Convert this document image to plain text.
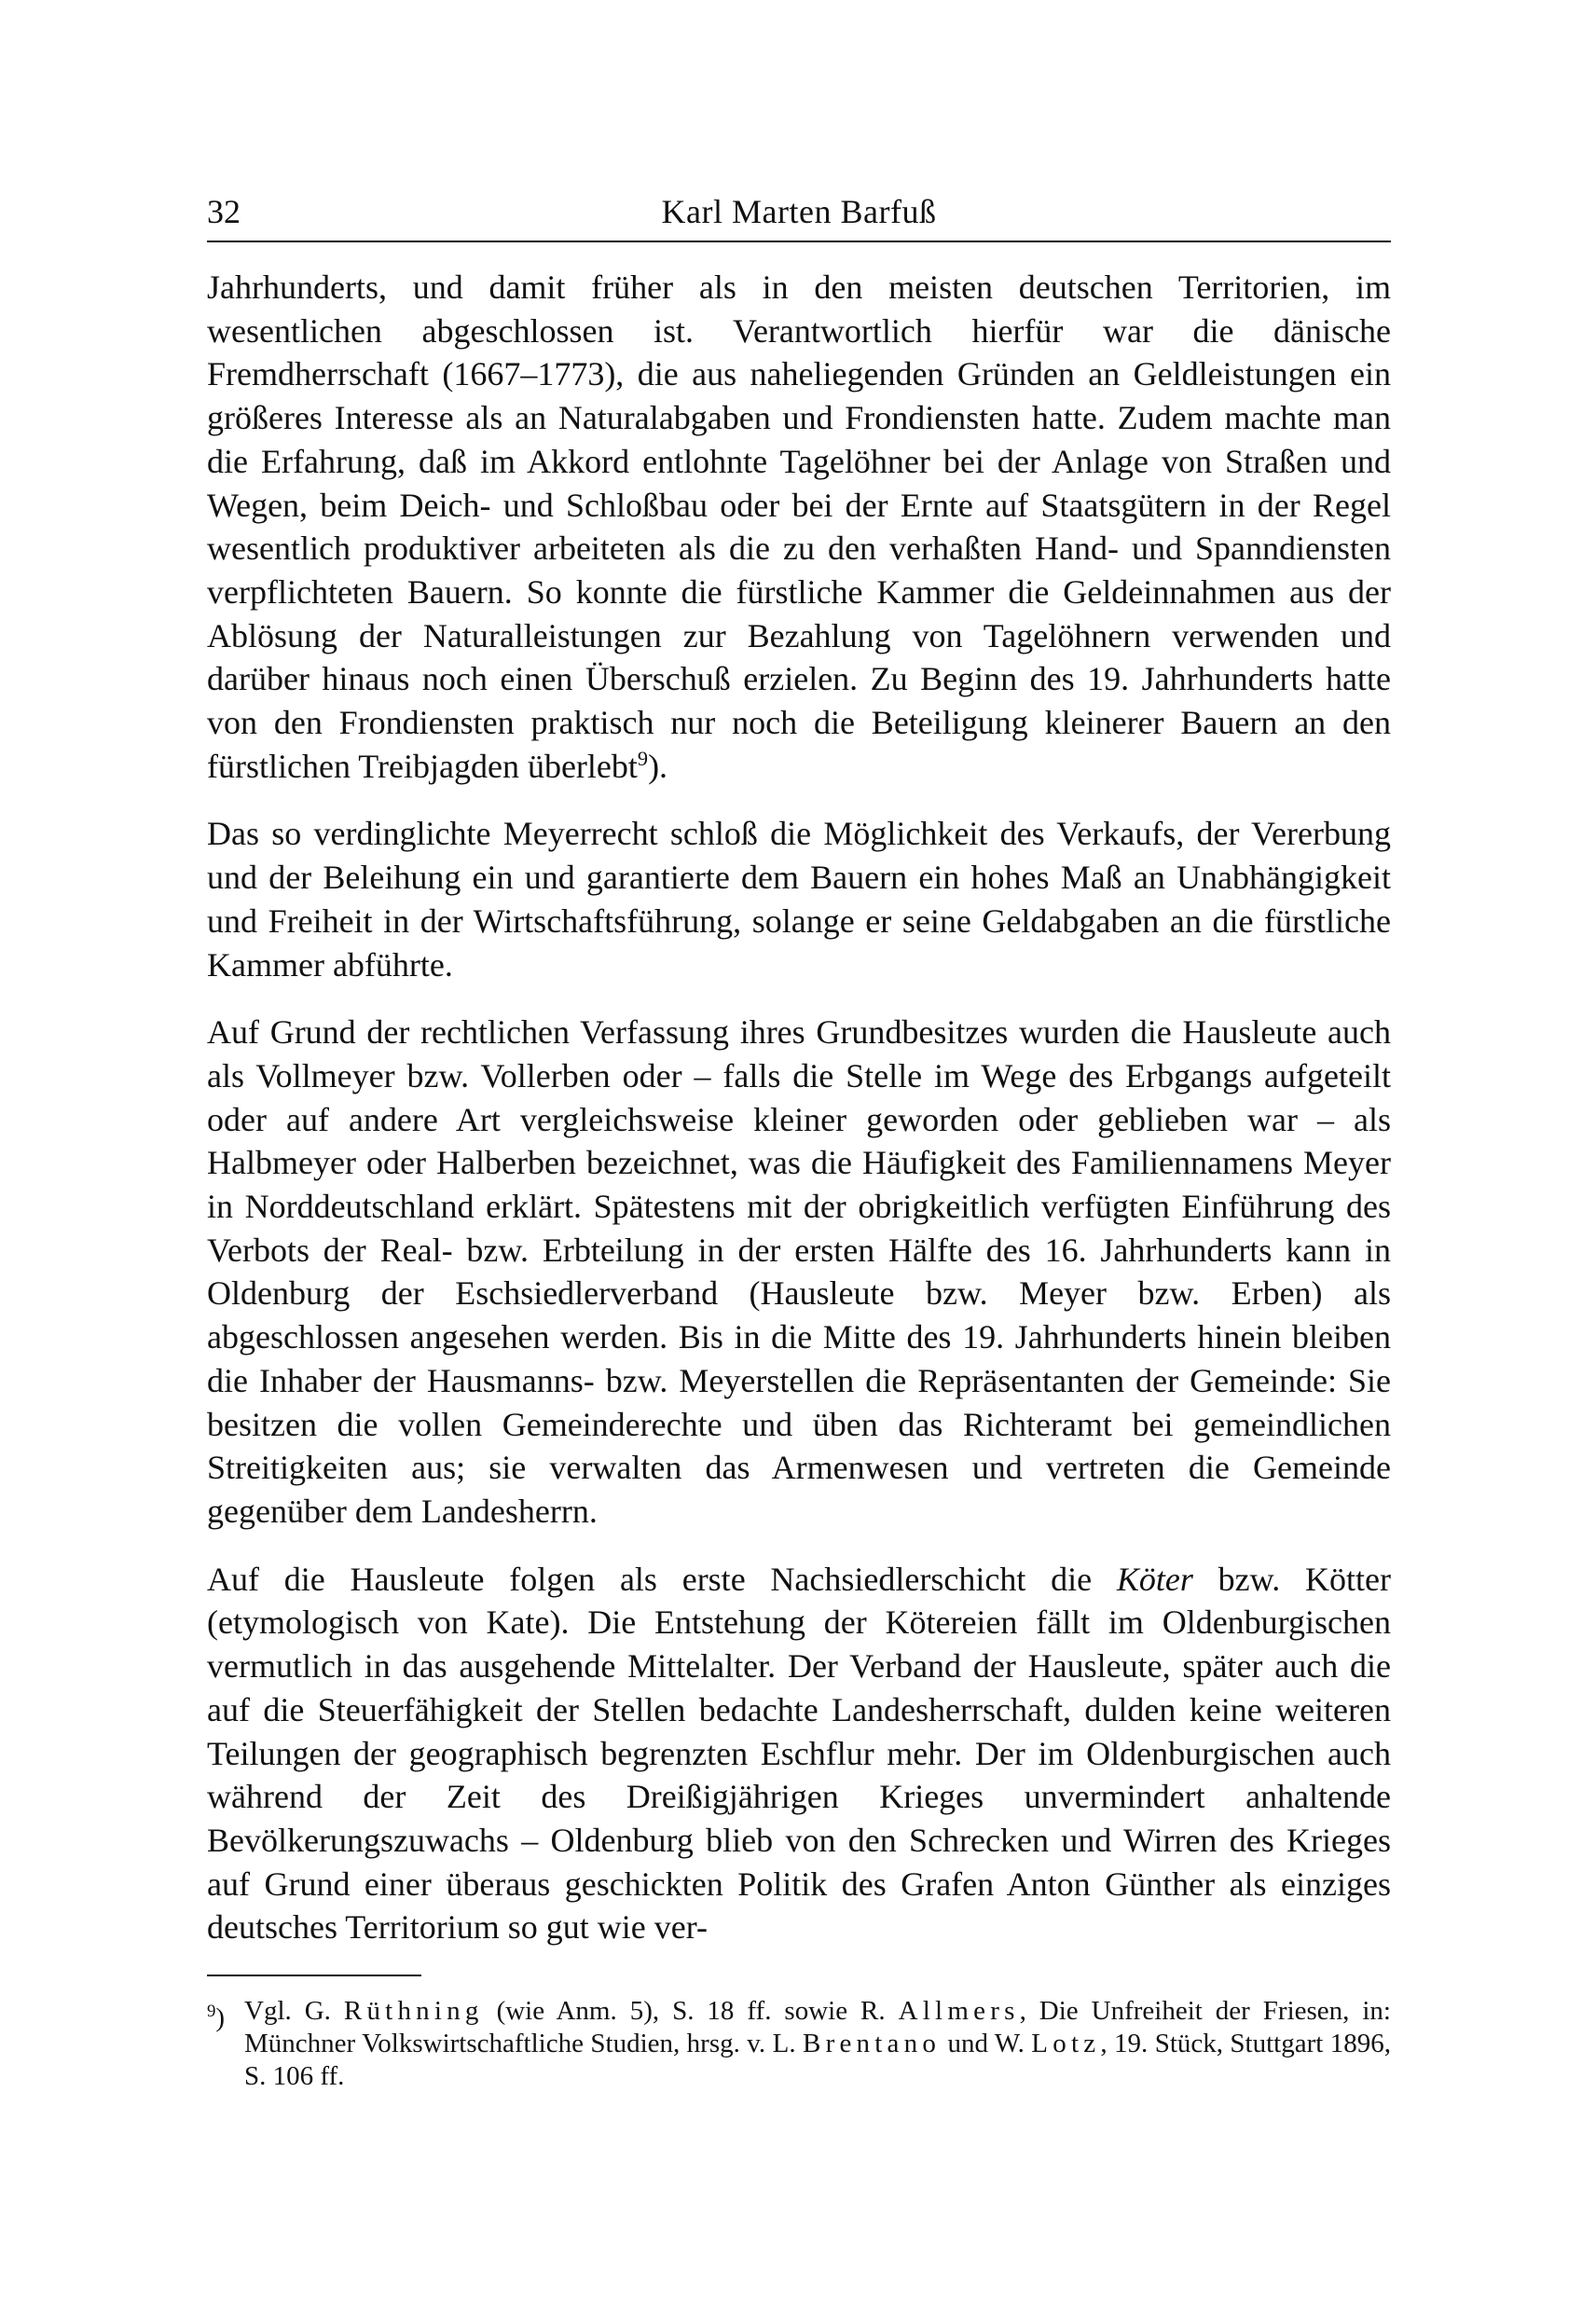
32	Karl Marten Barfuß

Jahrhunderts, und damit früher als in den meisten deutschen Territorien, im wesentlichen abgeschlossen ist. Verantwortlich hierfür war die dänische Fremdherrschaft (1667–1773), die aus naheliegenden Gründen an Geldleistungen ein größeres Interesse als an Naturalabgaben und Frondiensten hatte. Zudem machte man die Erfahrung, daß im Akkord entlohnte Tagelöhner bei der Anlage von Straßen und Wegen, beim Deich- und Schloßbau oder bei der Ernte auf Staatsgütern in der Regel wesentlich produktiver arbeiteten als die zu den verhaßten Hand- und Spanndiensten verpflichteten Bauern. So konnte die fürstliche Kammer die Geldeinnahmen aus der Ablösung der Naturalleistungen zur Bezahlung von Tagelöhnern verwenden und darüber hinaus noch einen Überschuß erzielen. Zu Beginn des 19. Jahrhunderts hatte von den Frondiensten praktisch nur noch die Beteiligung kleinerer Bauern an den fürstlichen Treibjagden überlebt$^9$).

Das so verdinglichte Meyerrecht schloß die Möglichkeit des Verkaufs, der Vererbung und der Beleihung ein und garantierte dem Bauern ein hohes Maß an Unabhängigkeit und Freiheit in der Wirtschaftsführung, solange er seine Geldabgaben an die fürstliche Kammer abführte.

Auf Grund der rechtlichen Verfassung ihres Grundbesitzes wurden die Hausleute auch als Vollmeyer bzw. Vollerben oder – falls die Stelle im Wege des Erbgangs aufgeteilt oder auf andere Art vergleichsweise kleiner geworden oder geblieben war – als Halbmeyer oder Halberben bezeichnet, was die Häufigkeit des Familiennamens Meyer in Norddeutschland erklärt. Spätestens mit der obrigkeitlich verfügten Einführung des Verbots der Real- bzw. Erbteilung in der ersten Hälfte des 16. Jahrhunderts kann in Oldenburg der Eschsiedlerverband (Hausleute bzw. Meyer bzw. Erben) als abgeschlossen angesehen werden. Bis in die Mitte des 19. Jahrhunderts hinein bleiben die Inhaber der Hausmanns- bzw. Meyerstellen die Repräsentanten der Gemeinde: Sie besitzen die vollen Gemeinderechte und üben das Richteramt bei gemeindlichen Streitigkeiten aus; sie verwalten das Armenwesen und vertreten die Gemeinde gegenüber dem Landesherrn.

Auf die Hausleute folgen als erste Nachsiedlerschicht die Köter bzw. Kötter (etymologisch von Kate). Die Entstehung der Kötereien fällt im Oldenburgischen vermutlich in das ausgehende Mittelalter. Der Verband der Hausleute, später auch die auf die Steuerfähigkeit der Stellen bedachte Landesherrschaft, dulden keine weiteren Teilungen der geographisch begrenzten Eschflur mehr. Der im Oldenburgischen auch während der Zeit des Dreißigjährigen Krieges unvermindert anhaltende Bevölkerungszuwachs – Oldenburg blieb von den Schrecken und Wirren des Krieges auf Grund einer überaus geschickten Politik des Grafen Anton Günther als einziges deutsches Territorium so gut wie ver-

$^9$) Vgl. G. Rüthning (wie Anm. 5), S. 18 ff. sowie R. Allmers, Die Unfreiheit der Friesen, in: Münchner Volkswirtschaftliche Studien, hrsg. v. L. Brentano und W. Lotz, 19. Stück, Stuttgart 1896, S. 106 ff.
